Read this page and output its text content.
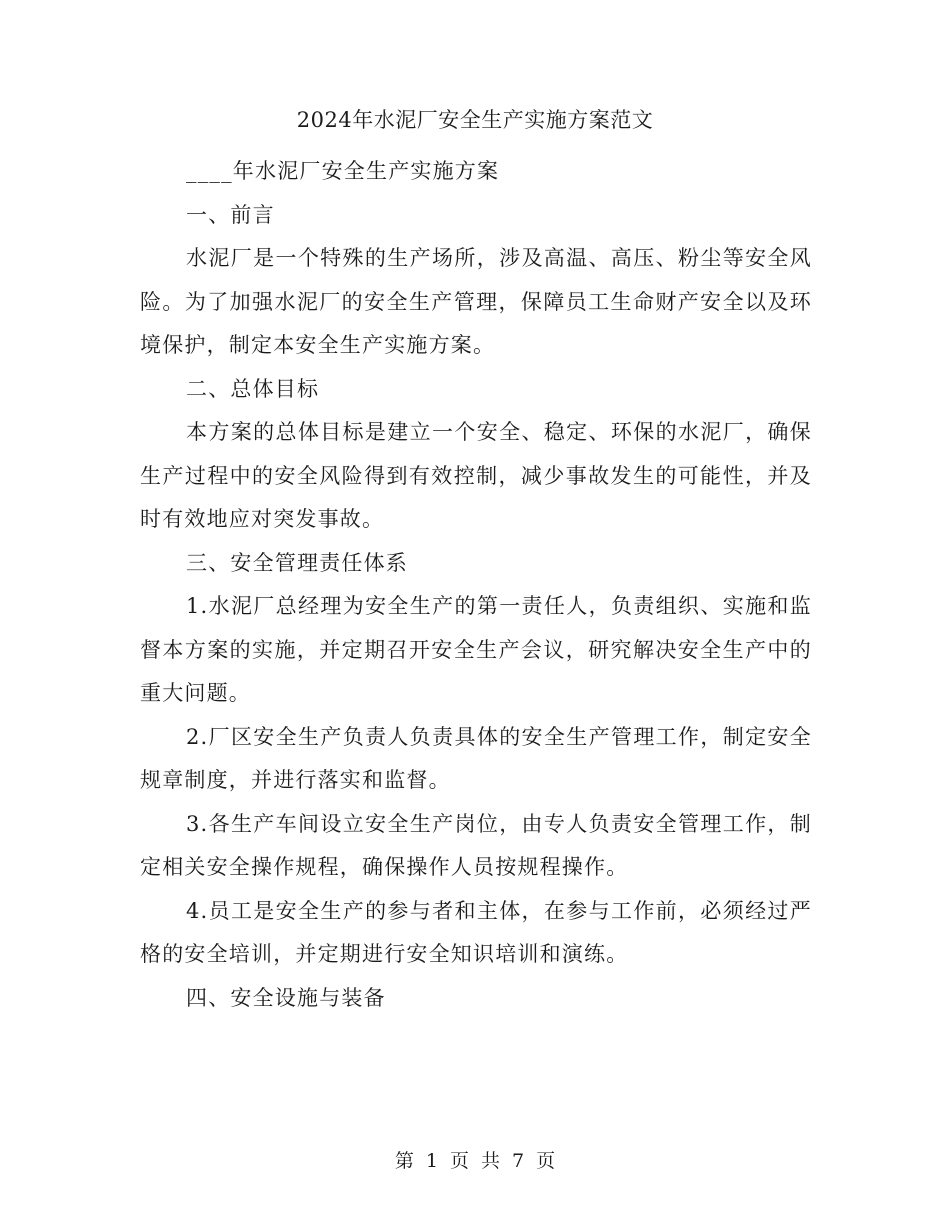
2024年水泥厂安全生产实施方案范文

____年水泥厂安全生产实施方案

一、前言

水泥厂是一个特殊的生产场所，涉及高温、高压、粉尘等安全风险。为了加强水泥厂的安全生产管理，保障员工生命财产安全以及环境保护，制定本安全生产实施方案。

二、总体目标

本方案的总体目标是建立一个安全、稳定、环保的水泥厂，确保生产过程中的安全风险得到有效控制，减少事故发生的可能性，并及时有效地应对突发事故。

三、安全管理责任体系

1.水泥厂总经理为安全生产的第一责任人，负责组织、实施和监督本方案的实施，并定期召开安全生产会议，研究解决安全生产中的重大问题。

2.厂区安全生产负责人负责具体的安全生产管理工作，制定安全规章制度，并进行落实和监督。

3.各生产车间设立安全生产岗位，由专人负责安全管理工作，制定相关安全操作规程，确保操作人员按规程操作。

4.员工是安全生产的参与者和主体，在参与工作前，必须经过严格的安全培训，并定期进行安全知识培训和演练。

四、安全设施与装备

第 1 页 共 7 页
